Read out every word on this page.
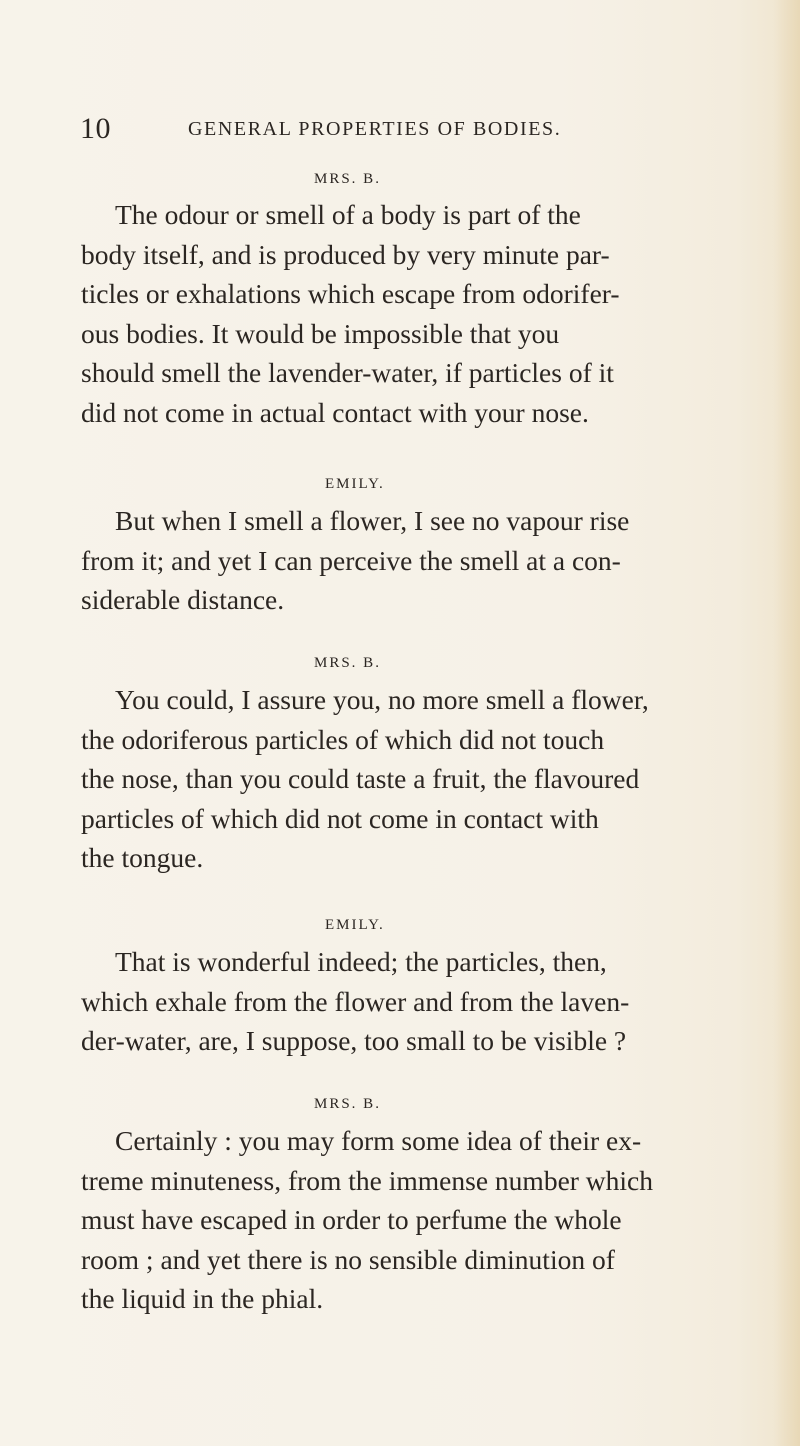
10	GENERAL PROPERTIES OF BODIES.
MRS. B.
The odour or smell of a body is part of the
body itself, and is produced by very minute par-
ticles or exhalations which escape from odorifer-
ous bodies. It would be impossible that you
should smell the lavender-water, if particles of it
did not come in actual contact with your nose.
EMILY.
But when I smell a flower, I see no vapour rise
from it; and yet I can perceive the smell at a con-
siderable distance.
MRS. B.
You could, I assure you, no more smell a flower,
the odoriferous particles of which did not touch
the nose, than you could taste a fruit, the flavoured
particles of which did not come in contact with
the tongue.
EMILY.
That is wonderful indeed; the particles, then,
which exhale from the flower and from the laven-
der-water, are, I suppose, too small to be visible ?
MRS. B.
Certainly : you may form some idea of their ex-
treme minuteness, from the immense number which
must have escaped in order to perfume the whole
room ; and yet there is no sensible diminution of
the liquid in the phial.
